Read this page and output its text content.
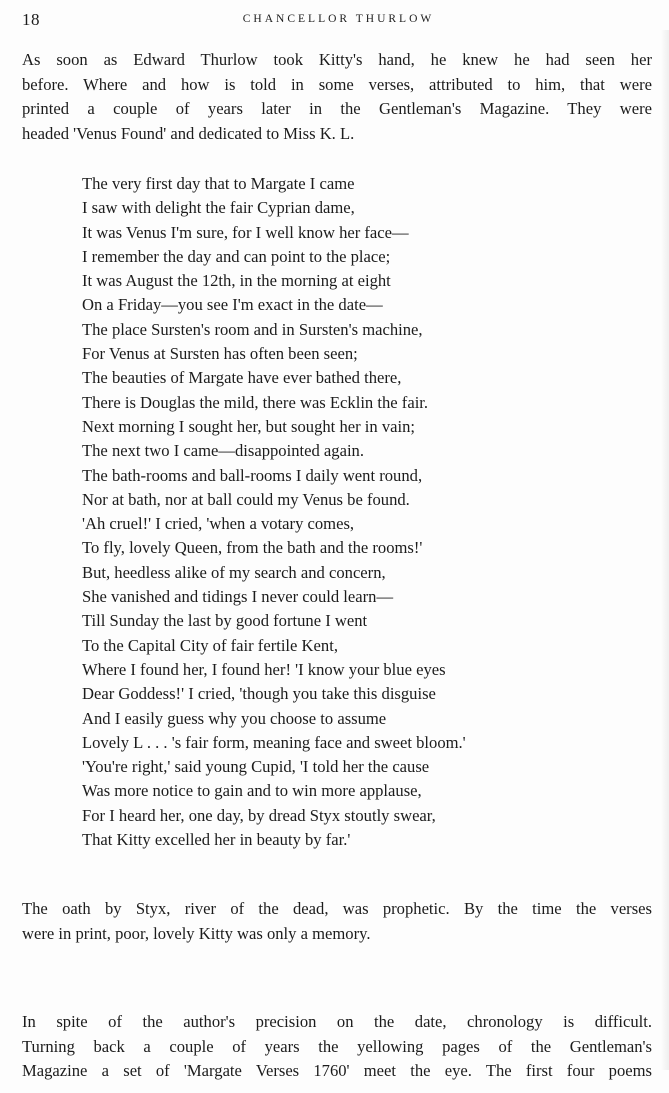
18	CHANCELLOR THURLOW
As soon as Edward Thurlow took Kitty's hand, he knew he had seen her
before. Where and how is told in some verses, attributed to him, that were
printed a couple of years later in the Gentleman's Magazine. They were
headed 'Venus Found' and dedicated to Miss K. L.
The very first day that to Margate I came
I saw with delight the fair Cyprian dame,
It was Venus I'm sure, for I well know her face—
I remember the day and can point to the place;
It was August the 12th, in the morning at eight
On a Friday—you see I'm exact in the date—
The place Sursten's room and in Sursten's machine,
For Venus at Sursten has often been seen;
The beauties of Margate have ever bathed there,
There is Douglas the mild, there was Ecklin the fair.
Next morning I sought her, but sought her in vain;
The next two I came—disappointed again.
The bath-rooms and ball-rooms I daily went round,
Nor at bath, nor at ball could my Venus be found.
'Ah cruel!' I cried, 'when a votary comes,
To fly, lovely Queen, from the bath and the rooms!'
But, heedless alike of my search and concern,
She vanished and tidings I never could learn—
Till Sunday the last by good fortune I went
To the Capital City of fair fertile Kent,
Where I found her, I found her! 'I know your blue eyes
Dear Goddess!' I cried, 'though you take this disguise
And I easily guess why you choose to assume
Lovely L . . . 's fair form, meaning face and sweet bloom.'
'You're right,' said young Cupid, 'I told her the cause
Was more notice to gain and to win more applause,
For I heard her, one day, by dread Styx stoutly swear,
That Kitty excelled her in beauty by far.'
The oath by Styx, river of the dead, was prophetic. By the time the verses
were in print, poor, lovely Kitty was only a memory.
In spite of the author's precision on the date, chronology is difficult.
Turning back a couple of years the yellowing pages of the Gentleman's
Magazine a set of 'Margate Verses 1760' meet the eye. The first four poems
